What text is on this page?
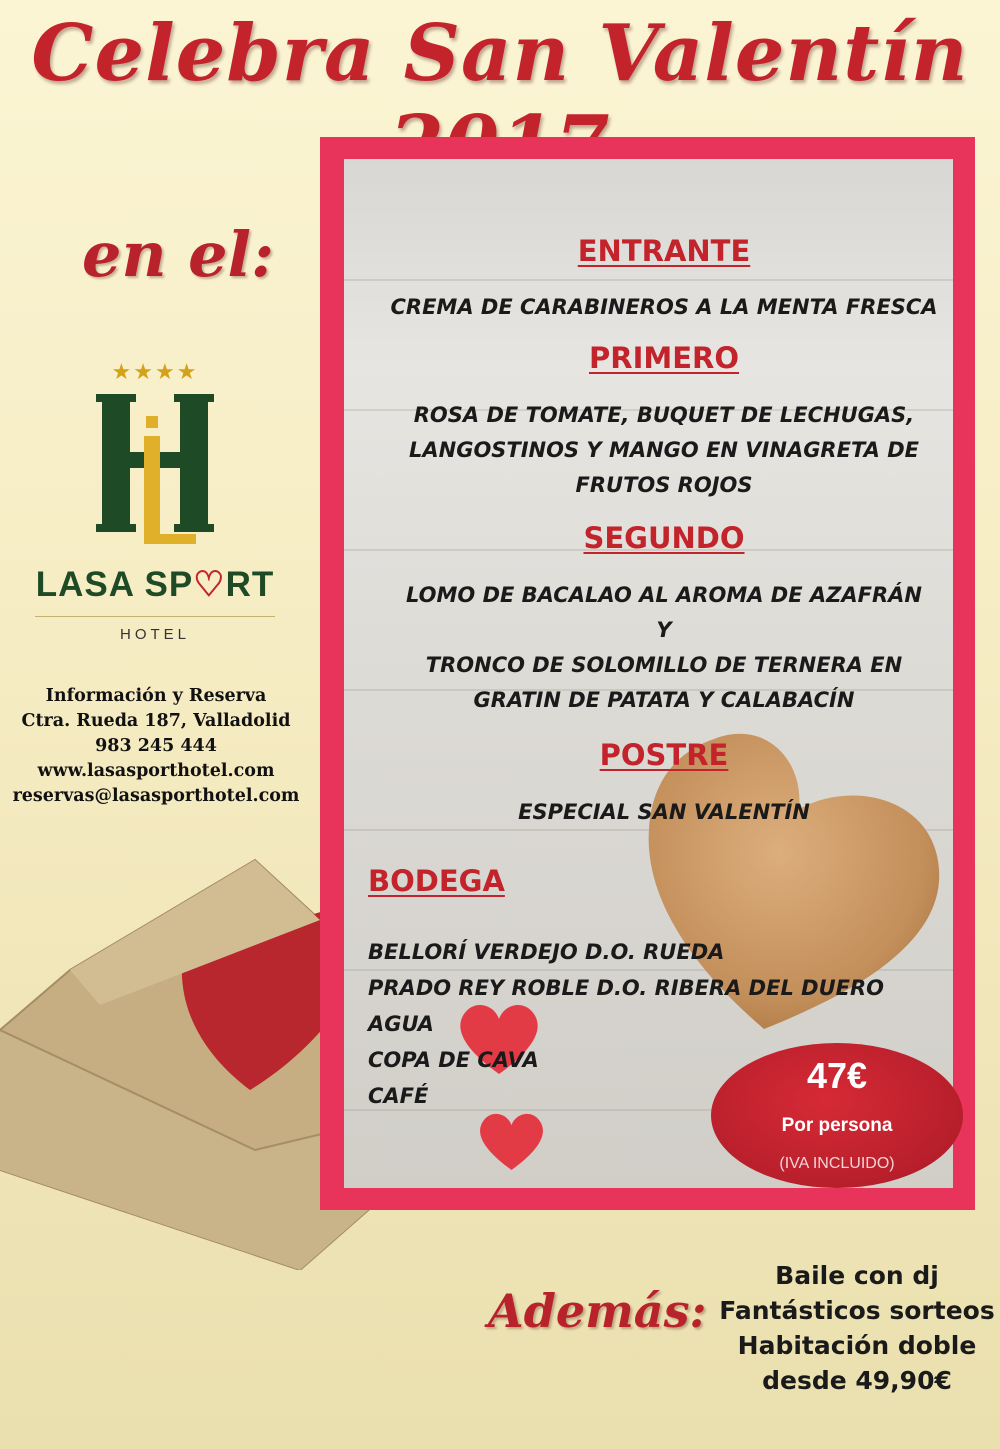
Celebra San Valentín
en el:
★★★★
LASA SP♡RT
HOTEL
Información y Reserva
Ctra. Rueda 187, Valladolid
983 245 444
www.lasasporthotel.com
reservas@lasasporthotel.com
ENTRANTE
CREMA DE CARABINEROS A LA MENTA FRESCA
PRIMERO
ROSA DE TOMATE, BUQUET DE LECHUGAS,
LANGOSTINOS Y MANGO EN VINAGRETA DE
FRUTOS ROJOS
SEGUNDO
LOMO DE BACALAO AL AROMA DE AZAFRÁN
Y
TRONCO DE SOLOMILLO DE TERNERA EN
GRATIN DE PATATA Y CALABACÍN
POSTRE
ESPECIAL SAN VALENTÍN
BODEGA
BELLORÍ VERDEJO D.O. RUEDA
PRADO REY ROBLE D.O. RIBERA DEL DUERO
AGUA
COPA DE CAVA
CAFÉ	47€
Por persona
(IVA INCLUIDO)
Además:
Baile con dj
Fantásticos sorteos
Habitación doble
desde 49,90€
